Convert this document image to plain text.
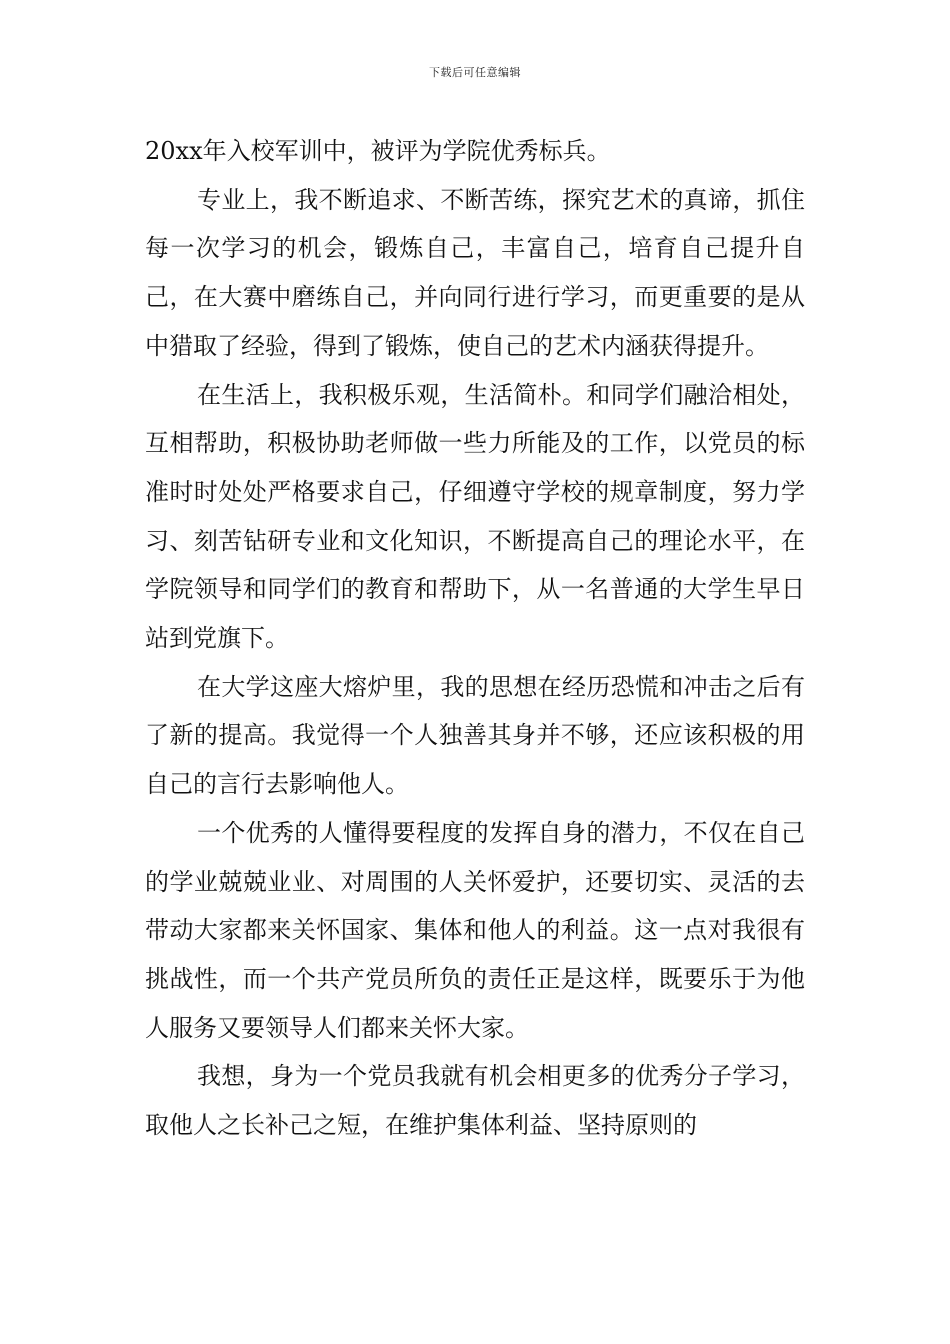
下载后可任意编辑

20xx年入校军训中，被评为学院优秀标兵。

专业上，我不断追求、不断苦练，探究艺术的真谛，抓住每一次学习的机会，锻炼自己，丰富自己，培育自己提升自己，在大赛中磨练自己，并向同行进行学习，而更重要的是从中猎取了经验，得到了锻炼，使自己的艺术内涵获得提升。

在生活上，我积极乐观，生活简朴。和同学们融洽相处，互相帮助，积极协助老师做一些力所能及的工作，以党员的标准时时处处严格要求自己，仔细遵守学校的规章制度，努力学习、刻苦钻研专业和文化知识，不断提高自己的理论水平，在学院领导和同学们的教育和帮助下，从一名普通的大学生早日站到党旗下。

在大学这座大熔炉里，我的思想在经历恐慌和冲击之后有了新的提高。我觉得一个人独善其身并不够，还应该积极的用自己的言行去影响他人。

一个优秀的人懂得要程度的发挥自身的潜力，不仅在自己的学业兢兢业业、对周围的人关怀爱护，还要切实、灵活的去带动大家都来关怀国家、集体和他人的利益。这一点对我很有挑战性，而一个共产党员所负的责任正是这样，既要乐于为他人服务又要领导人们都来关怀大家。

我想，身为一个党员我就有机会相更多的优秀分子学习，取他人之长补己之短，在维护集体利益、坚持原则的
